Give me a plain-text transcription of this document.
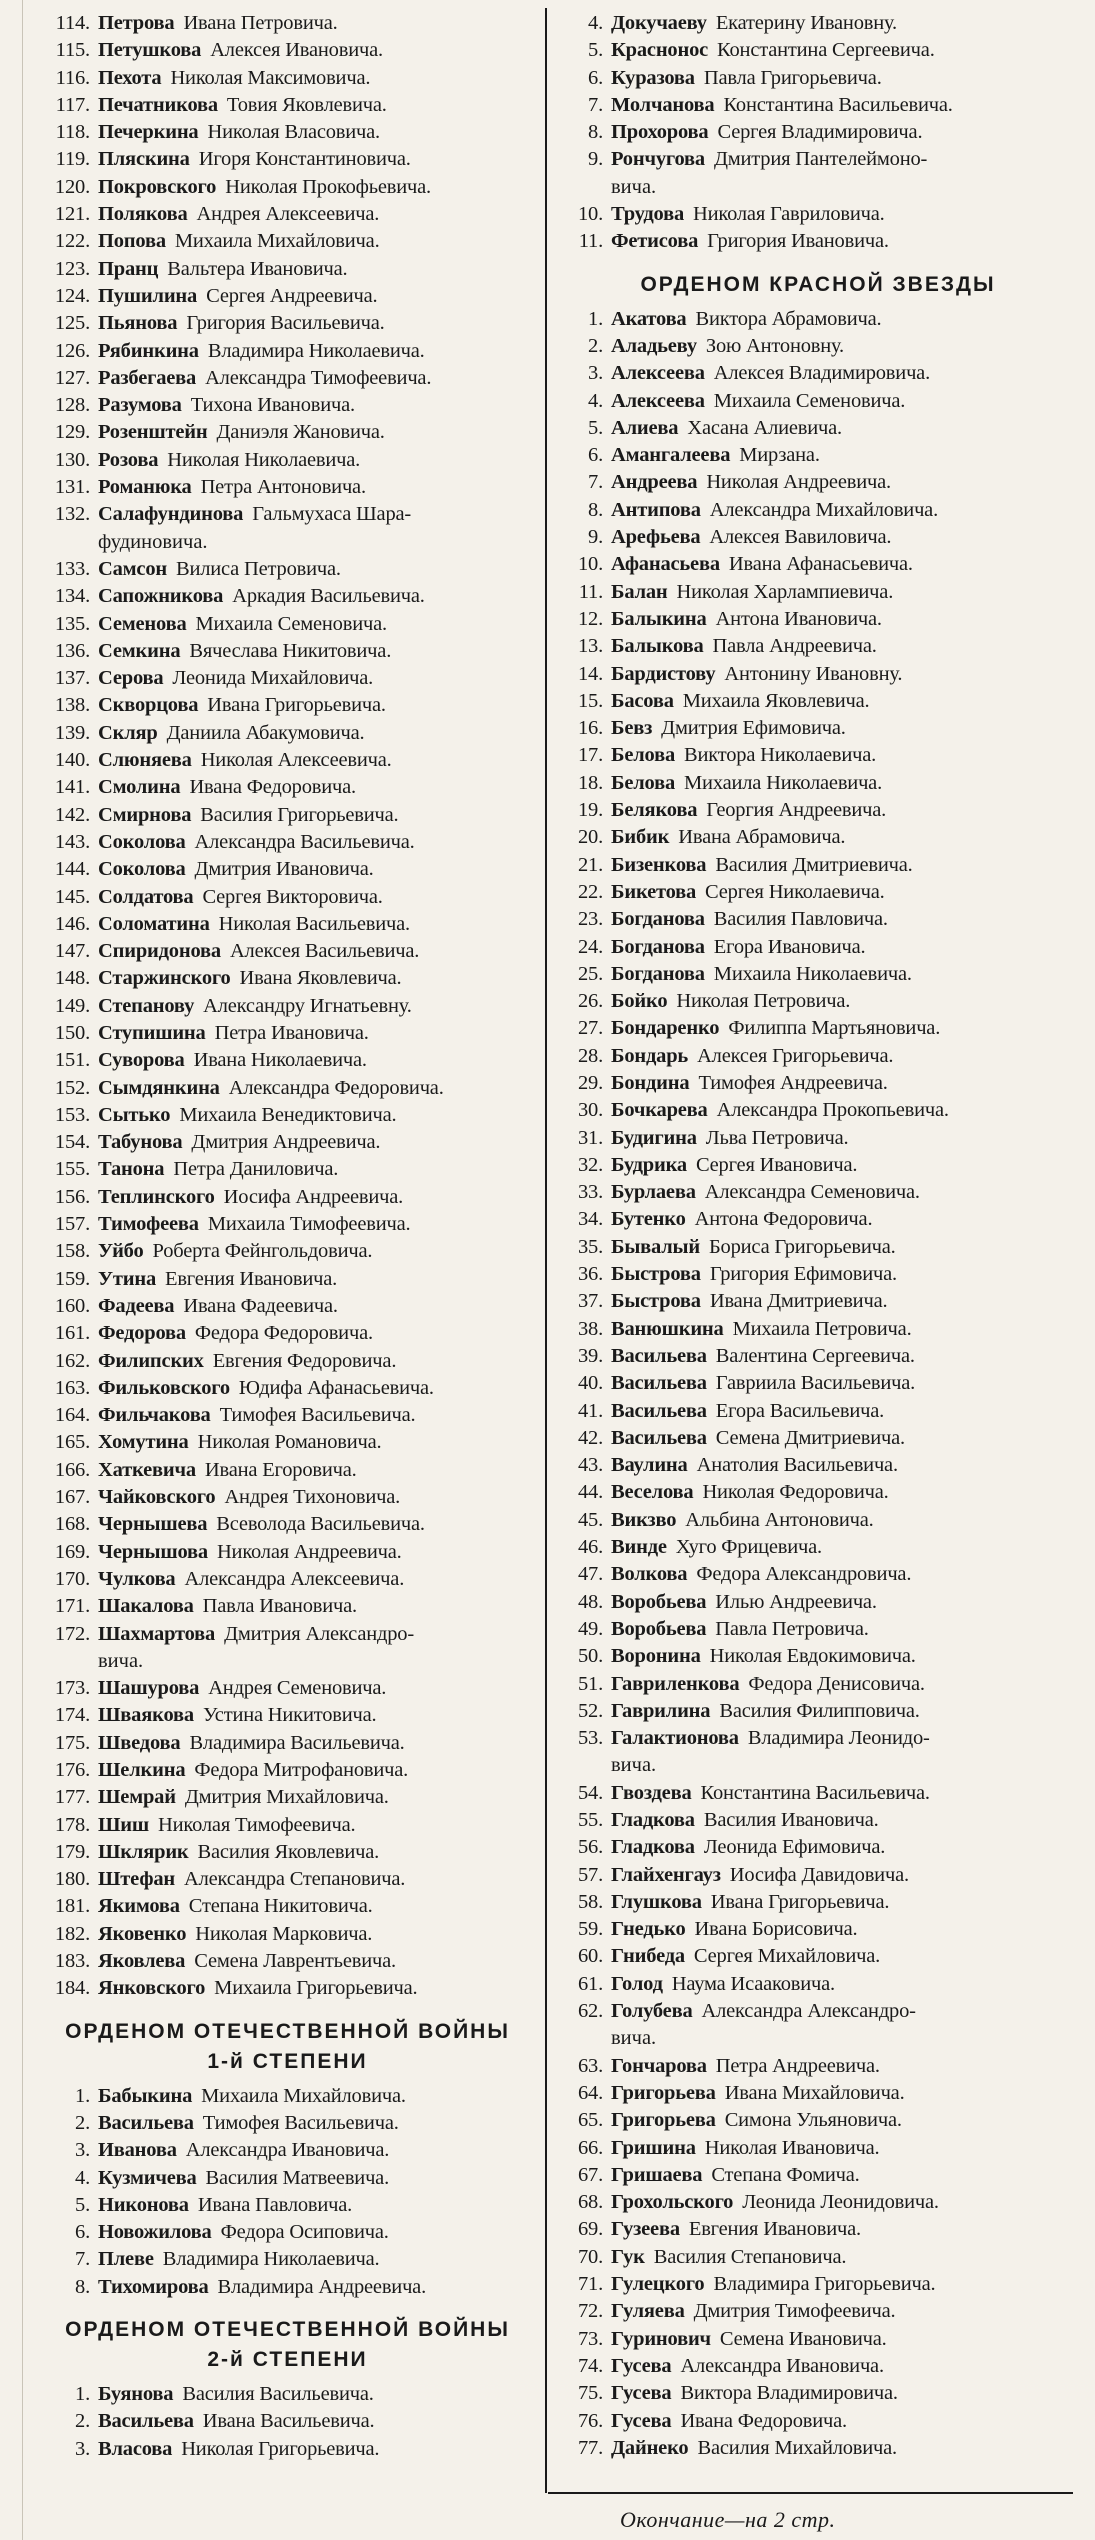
114. Петрова Ивана Петровича.
115. Петушкова Алексея Ивановича.
116. Пехота Николая Максимовича.
117. Печатникова Товия Яковлевича.
118. Печеркина Николая Власовича.
119. Пляскина Игоря Константиновича.
120. Покровского Николая Прокофьевича.
121. Полякова Андрея Алексеевича.
122. Попова Михаила Михайловича.
123. Пранц Вальтера Ивановича.
124. Пушилина Сергея Андреевича.
125. Пьянова Григория Васильевича.
126. Рябинкина Владимира Николаевича.
127. Разбегаева Александра Тимофеевича.
128. Разумова Тихона Ивановича.
129. Розенштейн Даниэля Жановича.
130. Розова Николая Николаевича.
131. Романюка Петра Антоновича.
132. Салафундинова Гальмухаса Шара-
фудиновича.
133. Самсон Вилиса Петровича.
134. Сапожникова Аркадия Васильевича.
135. Семенова Михаила Семеновича.
136. Семкина Вячеслава Никитовича.
137. Серова Леонида Михайловича.
138. Скворцова Ивана Григорьевича.
139. Скляр Даниила Абакумовича.
140. Слюняева Николая Алексеевича.
141. Смолина Ивана Федоровича.
142. Смирнова Василия Григорьевича.
143. Соколова Александра Васильевича.
144. Соколова Дмитрия Ивановича.
145. Солдатова Сергея Викторовича.
146. Соломатина Николая Васильевича.
147. Спиридонова Алексея Васильевича.
148. Старжинского Ивана Яковлевича.
149. Степанову Александру Игнатьевну.
150. Ступишина Петра Ивановича.
151. Суворова Ивана Николаевича.
152. Сымдянкина Александра Федоровича.
153. Сытько Михаила Венедиктовича.
154. Табунова Дмитрия Андреевича.
155. Танона Петра Даниловича.
156. Теплинского Иосифа Андреевича.
157. Тимофеева Михаила Тимофеевича.
158. Уйбо Роберта Фейнгольдовича.
159. Утина Евгения Ивановича.
160. Фадеева Ивана Фадеевича.
161. Федорова Федора Федоровича.
162. Филипских Евгения Федоровича.
163. Фильковского Юдифа Афанасьевича.
164. Фильчакова Тимофея Васильевича.
165. Хомутина Николая Романовича.
166. Хаткевича Ивана Егоровича.
167. Чайковского Андрея Тихоновича.
168. Чернышева Всеволода Васильевича.
169. Чернышова Николая Андреевича.
170. Чулкова Александра Алексеевича.
171. Шакалова Павла Ивановича.
172. Шахмартова Дмитрия Александро-
вича.
173. Шашурова Андрея Семеновича.
174. Шваякова Устина Никитовича.
175. Шведова Владимира Васильевича.
176. Шелкина Федора Митрофановича.
177. Шемрай Дмитрия Михайловича.
178. Шиш Николая Тимофеевича.
179. Шклярик Василия Яковлевича.
180. Штефан Александра Степановича.
181. Якимова Степана Никитовича.
182. Яковенко Николая Марковича.
183. Яковлева Семена Лаврентьевича.
184. Янковского Михаила Григорьевича.
ОРДЕНОМ ОТЕЧЕСТВЕННОЙ ВОЙНЫ
1-й СТЕПЕНИ
1. Бабыкина Михаила Михайловича.
2. Васильева Тимофея Васильевича.
3. Иванова Александра Ивановича.
4. Кузмичева Василия Матвеевича.
5. Никонова Ивана Павловича.
6. Новожилова Федора Осиповича.
7. Плеве Владимира Николаевича.
8. Тихомирова Владимира Андреевича.
ОРДЕНОМ ОТЕЧЕСТВЕННОЙ ВОЙНЫ
2-й СТЕПЕНИ
1. Буянова Василия Васильевича.
2. Васильева Ивана Васильевича.
3. Власова Николая Григорьевича.
4. Докучаеву Екатерину Ивановну.
5. Краснонос Константина Сергеевича.
6. Куразова Павла Григорьевича.
7. Молчанова Константина Васильевича.
8. Прохорова Сергея Владимировича.
9. Рончугова Дмитрия Пантелеймоно-
вича.
10. Трудова Николая Гавриловича.
11. Фетисова Григория Ивановича.
ОРДЕНОМ КРАСНОЙ ЗВЕЗДЫ
1. Акатова Виктора Абрамовича.
2. Аладьеву Зою Антоновну.
3. Алексеева Алексея Владимировича.
4. Алексеева Михаила Семеновича.
5. Алиева Хасана Алиевича.
6. Амангалеева Мирзана.
7. Андреева Николая Андреевича.
8. Антипова Александра Михайловича.
9. Арефьева Алексея Вавиловича.
10. Афанасьева Ивана Афанасьевича.
11. Балан Николая Харлампиевича.
12. Балыкина Антона Ивановича.
13. Балыкова Павла Андреевича.
14. Бардистову Антонину Ивановну.
15. Басова Михаила Яковлевича.
16. Бевз Дмитрия Ефимовича.
17. Белова Виктора Николаевича.
18. Белова Михаила Николаевича.
19. Белякова Георгия Андреевича.
20. Бибик Ивана Абрамовича.
21. Бизенкова Василия Дмитриевича.
22. Бикетова Сергея Николаевича.
23. Богданова Василия Павловича.
24. Богданова Егора Ивановича.
25. Богданова Михаила Николаевича.
26. Бойко Николая Петровича.
27. Бондаренко Филиппа Мартьяновича.
28. Бондарь Алексея Григорьевича.
29. Бондина Тимофея Андреевича.
30. Бочкарева Александра Прокопьевича.
31. Будигина Льва Петровича.
32. Будрика Сергея Ивановича.
33. Бурлаева Александра Семеновича.
34. Бутенко Антона Федоровича.
35. Бывалый Бориса Григорьевича.
36. Быстрова Григория Ефимовича.
37. Быстрова Ивана Дмитриевича.
38. Ванюшкина Михаила Петровича.
39. Васильева Валентина Сергеевича.
40. Васильева Гавриила Васильевича.
41. Васильева Егора Васильевича.
42. Васильева Семена Дмитриевича.
43. Ваулина Анатолия Васильевича.
44. Веселова Николая Федоровича.
45. Викзво Альбина Антоновича.
46. Винде Хуго Фрицевича.
47. Волкова Федора Александровича.
48. Воробьева Илью Андреевича.
49. Воробьева Павла Петровича.
50. Воронина Николая Евдокимовича.
51. Гавриленкова Федора Денисовича.
52. Гаврилина Василия Филипповича.
53. Галактионова Владимира Леонидо-
вича.
54. Гвоздева Константина Васильевича.
55. Гладкова Василия Ивановича.
56. Гладкова Леонида Ефимовича.
57. Глайхенгауз Иосифа Давидовича.
58. Глушкова Ивана Григорьевича.
59. Гнедько Ивана Борисовича.
60. Гнибеда Сергея Михайловича.
61. Голод Наума Исааковича.
62. Голубева Александра Александро-
вича.
63. Гончарова Петра Андреевича.
64. Григорьева Ивана Михайловича.
65. Григорьева Симона Ульяновича.
66. Гришина Николая Ивановича.
67. Гришаева Степана Фомича.
68. Грохольского Леонида Леонидовича.
69. Гузеева Евгения Ивановича.
70. Гук Василия Степановича.
71. Гулецкого Владимира Григорьевича.
72. Гуляева Дмитрия Тимофеевича.
73. Гуринович Семена Ивановича.
74. Гусева Александра Ивановича.
75. Гусева Виктора Владимировича.
76. Гусева Ивана Федоровича.
77. Дайнеко Василия Михайловича.
Окончание—на 2 стр.
